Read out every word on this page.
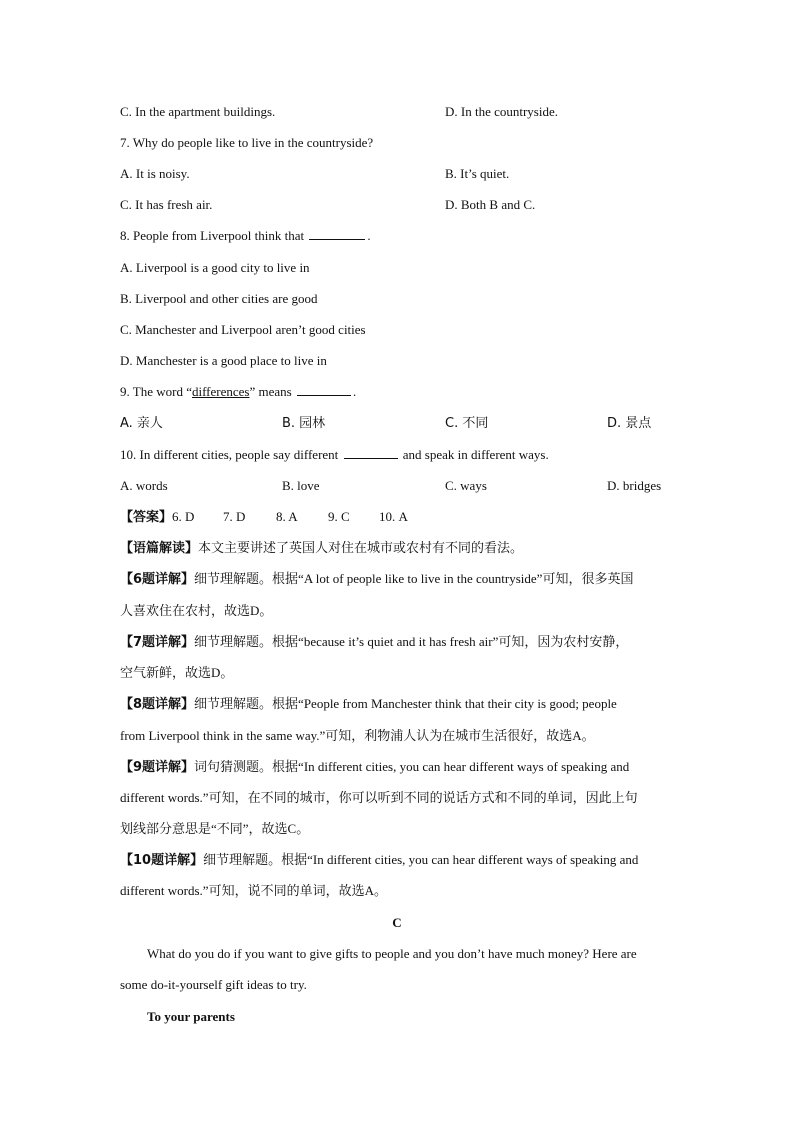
C. In the apartment buildings.	D. In the countryside.
7. Why do people like to live in the countryside?
A. It is noisy.	B. It’s quiet.
C. It has fresh air.	D. Both B and C.
8. People from Liverpool think that	.
A. Liverpool is a good city to live in
B. Liverpool and other cities are good
C. Manchester and Liverpool aren’t good cities
D. Manchester is a good place to live in
9. The word “differences” means	.
A. 亲人	B. 园林	C. 不同	D. 景点
10. In different cities, people say different	and speak in different ways.
A. words	B. love	C. ways	D. bridges
【答案】6. D 7. D 8. A 9. C 10. A
【语篇解读】本文主要讲述了英国人对住在城市或农村有不同的看法。
【6题详解】细节理解题。根据“A lot of people like to live in the countryside”可知，很多英国
人喜欢住在农村，故选D。
【7题详解】细节理解题。根据“because it’s quiet and it has fresh air”可知，因为农村安静，
空气新鲜，故选D。
【8题详解】细节理解题。根据“People from Manchester think that their city is good; people
from Liverpool think in the same way.”可知，利物浦人认为在城市生活很好，故选A。
【9题详解】词句猜测题。根据“In different cities, you can hear different ways of speaking and
different words.”可知，在不同的城市，你可以听到不同的说话方式和不同的单词，因此上句
划线部分意思是“不同”，故选C。
【10题详解】细节理解题。根据“In different cities, you can hear different ways of speaking and
different words.”可知，说不同的单词，故选A。
C
What do you do if you want to give gifts to people and you don’t have much money? Here are
some do-it-yourself gift ideas to try.
To your parents
